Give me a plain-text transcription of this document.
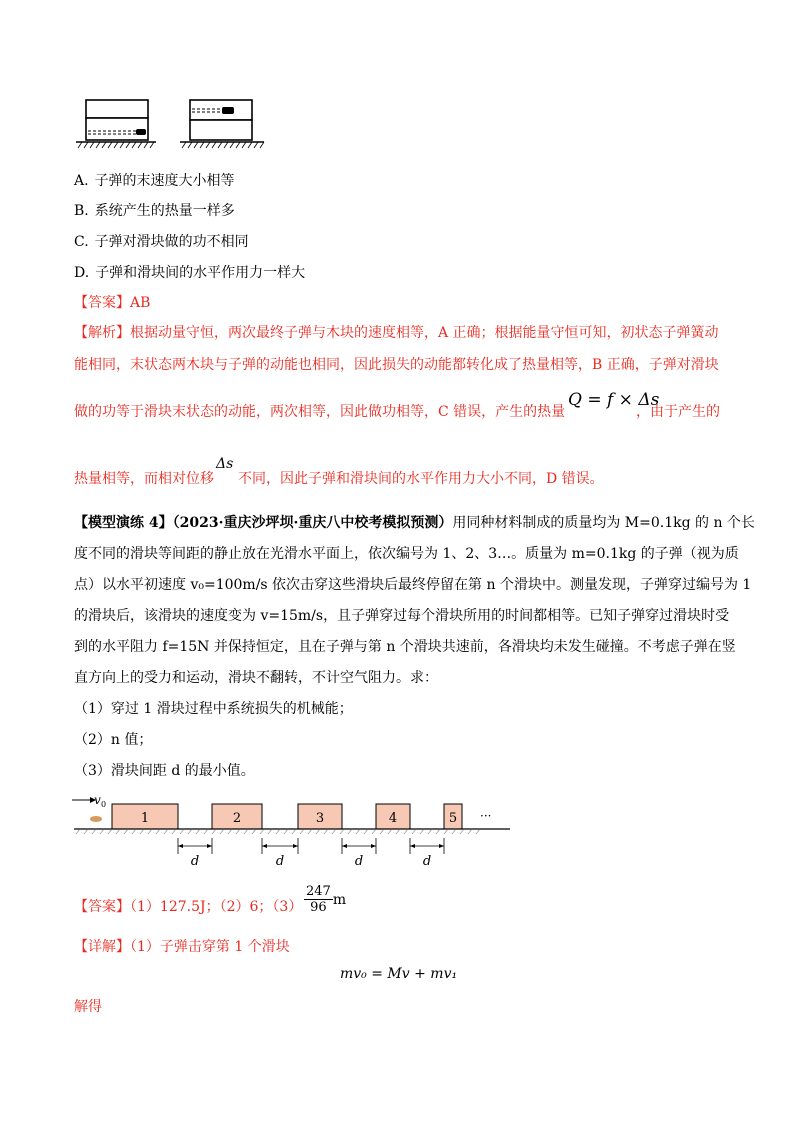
A. 子弹的末速度大小相等
B. 系统产生的热量一样多
C. 子弹对滑块做的功不相同
D. 子弹和滑块间的水平作用力一样大
【答案】AB
【解析】根据动量守恒，两次最终子弹与木块的速度相等，A 正确；根据能量守恒可知，初状态子弹簧动
能相同，末状态两木块与子弹的动能也相同，因此损失的动能都转化成了热量相等，B 正确，子弹对滑块
做的功等于滑块末状态的动能，两次相等，因此做功相等，C 错误，产生的热量
Q = f × Δs
，由于产生的
热量相等，而相对位移
Δs
不同，因此子弹和滑块间的水平作用力大小不同，D 错误。
【模型演练 4】（2023·重庆沙坪坝·重庆八中校考模拟预测）用同种材料制成的质量均为 M=0.1kg 的 n 个长
度不同的滑块等间距的静止放在光滑水平面上，依次编号为 1、2、3…。质量为 m=0.1kg 的子弹（视为质
点）以水平初速度 v₀=100m/s 依次击穿这些滑块后最终停留在第 n 个滑块中。测量发现，子弹穿过编号为 1
的滑块后，该滑块的速度变为 v=15m/s，且子弹穿过每个滑块所用的时间都相等。已知子弹穿过滑块时受
到的水平阻力 f=15N 并保持恒定，且在子弹与第 n 个滑块共速前，各滑块均未发生碰撞。不考虑子弹在竖
直方向上的受力和运动，滑块不翻转，不计空气阻力。求：
（1）穿过 1 滑块过程中系统损失的机械能；
（2）n 值；
（3）滑块间距 d 的最小值。
v 0
1	2	3	4	5 ···
d	d	d	d
【答案】（1）127.5J；（2）6；$(3) \frac{247}{96}$ m
【详解】（1）子弹击穿第 1 个滑块
mv₀ = Mv + mv₁
解得
